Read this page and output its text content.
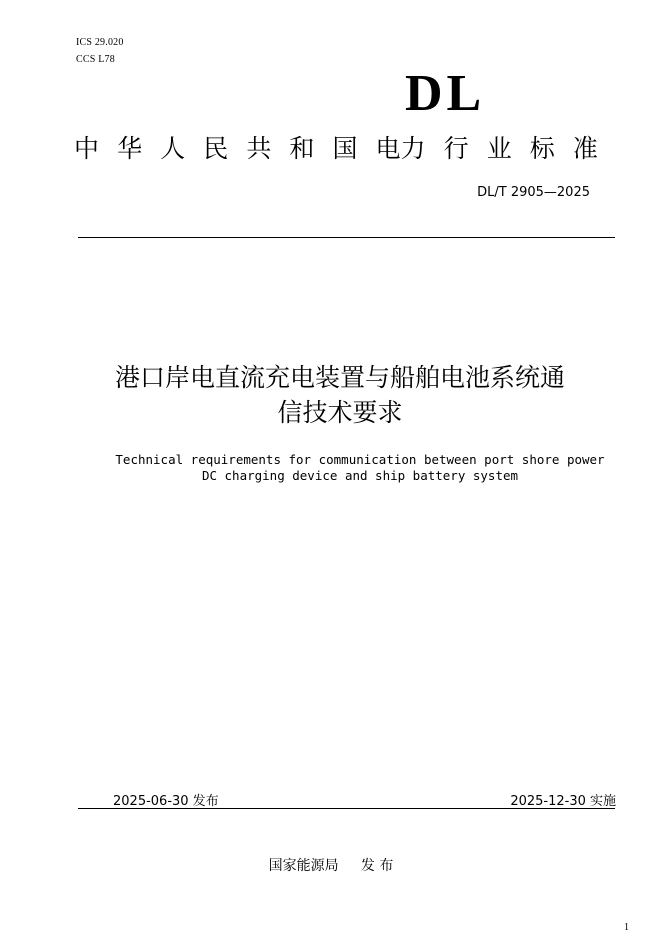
ICS 29.020
CCS L78
DL
中 华 人 民 共 和 国 电力 行 业 标 准
DL/T 2905—2025
港口岸电直流充电装置与船舶电池系统通
信技术要求
Technical requirements for communication between port shore power
DC charging device and ship battery system
2025-06-30 发布	2025-12-30 实施
国家能源局     发 布
1
